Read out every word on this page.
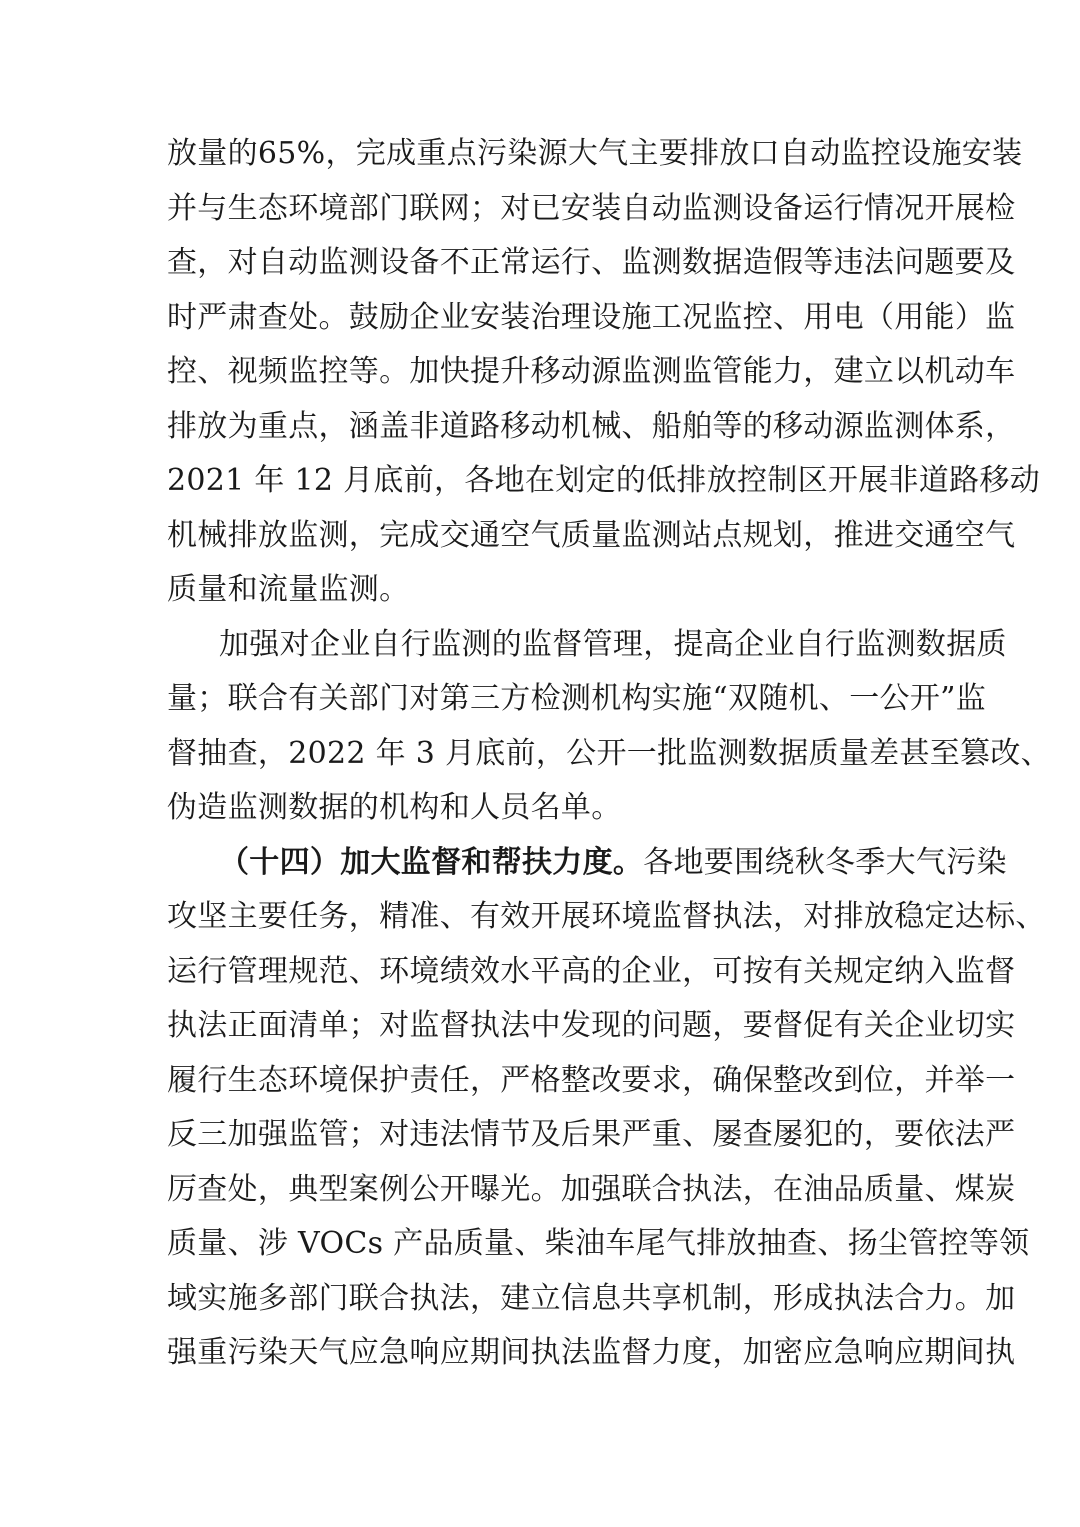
放量的65%，完成重点污染源大气主要排放口自动监控设施安装
并与生态环境部门联网；对已安装自动监测设备运行情况开展检
查，对自动监测设备不正常运行、监测数据造假等违法问题要及
时严肃查处。鼓励企业安装治理设施工况监控、用电（用能）监
控、视频监控等。加快提升移动源监测监管能力，建立以机动车
排放为重点，涵盖非道路移动机械、船舶等的移动源监测体系，
2021 年 12 月底前，各地在划定的低排放控制区开展非道路移动
机械排放监测，完成交通空气质量监测站点规划，推进交通空气
质量和流量监测。
加强对企业自行监测的监督管理，提高企业自行监测数据质
量；联合有关部门对第三方检测机构实施“双随机、一公开”监
督抽查，2022 年 3 月底前，公开一批监测数据质量差甚至篡改、
伪造监测数据的机构和人员名单。
（十四）加大监督和帮扶力度。各地要围绕秋冬季大气污染
攻坚主要任务，精准、有效开展环境监督执法，对排放稳定达标、
运行管理规范、环境绩效水平高的企业，可按有关规定纳入监督
执法正面清单；对监督执法中发现的问题，要督促有关企业切实
履行生态环境保护责任，严格整改要求，确保整改到位，并举一
反三加强监管；对违法情节及后果严重、屡查屡犯的，要依法严
厉查处，典型案例公开曝光。加强联合执法，在油品质量、煤炭
质量、涉 VOCs 产品质量、柴油车尾气排放抽查、扬尘管控等领
域实施多部门联合执法，建立信息共享机制，形成执法合力。加
强重污染天气应急响应期间执法监督力度，加密应急响应期间执
